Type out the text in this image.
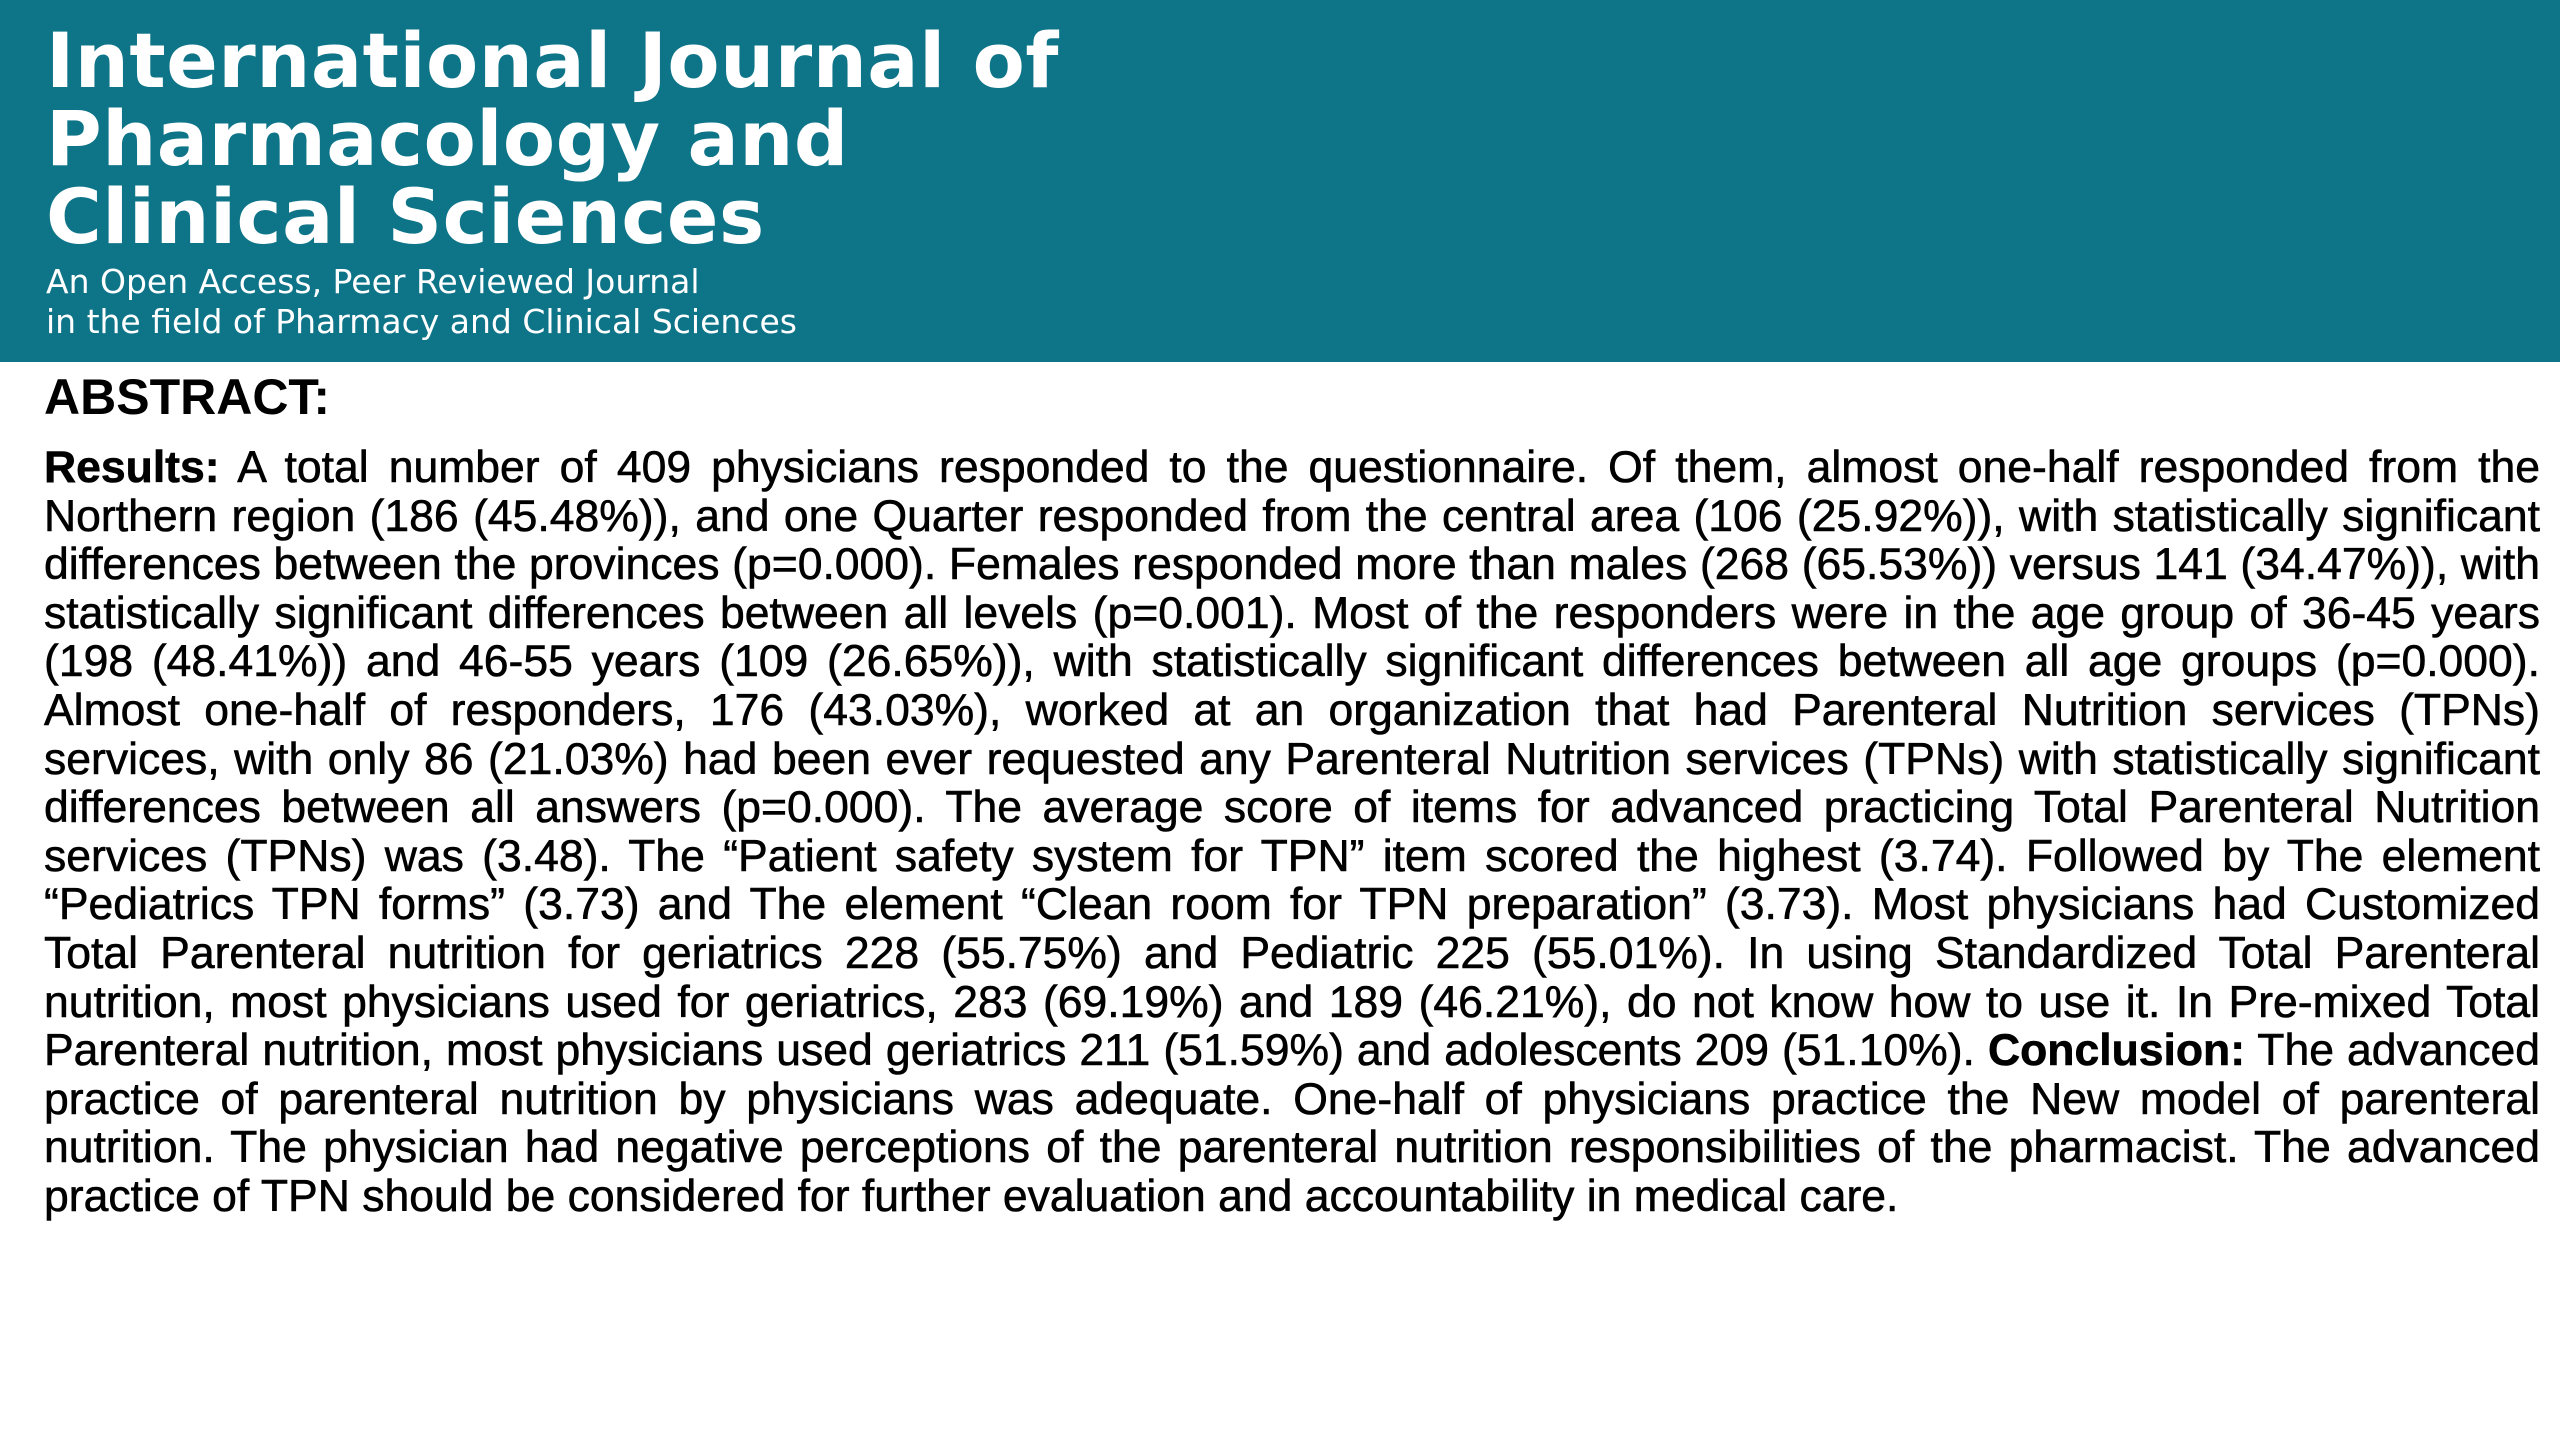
International Journal of
Pharmacology and
Clinical Sciences
An Open Access, Peer Reviewed Journal
in the field of Pharmacy and Clinical Sciences
ABSTRACT:

Results: A total number of 409 physicians responded to the questionnaire. Of them, almost one-half responded from the Northern region (186 (45.48%)), and one Quarter responded from the central area (106 (25.92%)), with statistically significant differences between the provinces (p=0.000). Females responded more than males (268 (65.53%)) versus 141 (34.47%)), with statistically significant differences between all levels (p=0.001). Most of the responders were in the age group of 36-45 years (198 (48.41%)) and 46-55 years (109 (26.65%)), with statistically significant differences between all age groups (p=0.000). Almost one-half of responders, 176 (43.03%), worked at an organization that had Parenteral Nutrition services (TPNs) services, with only 86 (21.03%) had been ever requested any Parenteral Nutrition services (TPNs) with statistically significant differences between all answers (p=0.000). The average score of items for advanced practicing Total Parenteral Nutrition services (TPNs) was (3.48). The “Patient safety system for TPN” item scored the highest (3.74). Followed by The element “Pediatrics TPN forms” (3.73) and The element “Clean room for TPN preparation” (3.73). Most physicians had Customized Total Parenteral nutrition for geriatrics 228 (55.75%) and Pediatric 225 (55.01%). In using Standardized Total Parenteral nutrition, most physicians used for geriatrics, 283 (69.19%) and 189 (46.21%), do not know how to use it. In Pre-mixed Total Parenteral nutrition, most physicians used geriatrics 211 (51.59%) and adolescents 209 (51.10%). Conclusion: The advanced practice of parenteral nutrition by physicians was adequate. One-half of physicians practice the New model of parenteral nutrition. The physician had negative perceptions of the parenteral nutrition responsibilities of the pharmacist. The advanced practice of TPN should be considered for further evaluation and accountability in medical care.
